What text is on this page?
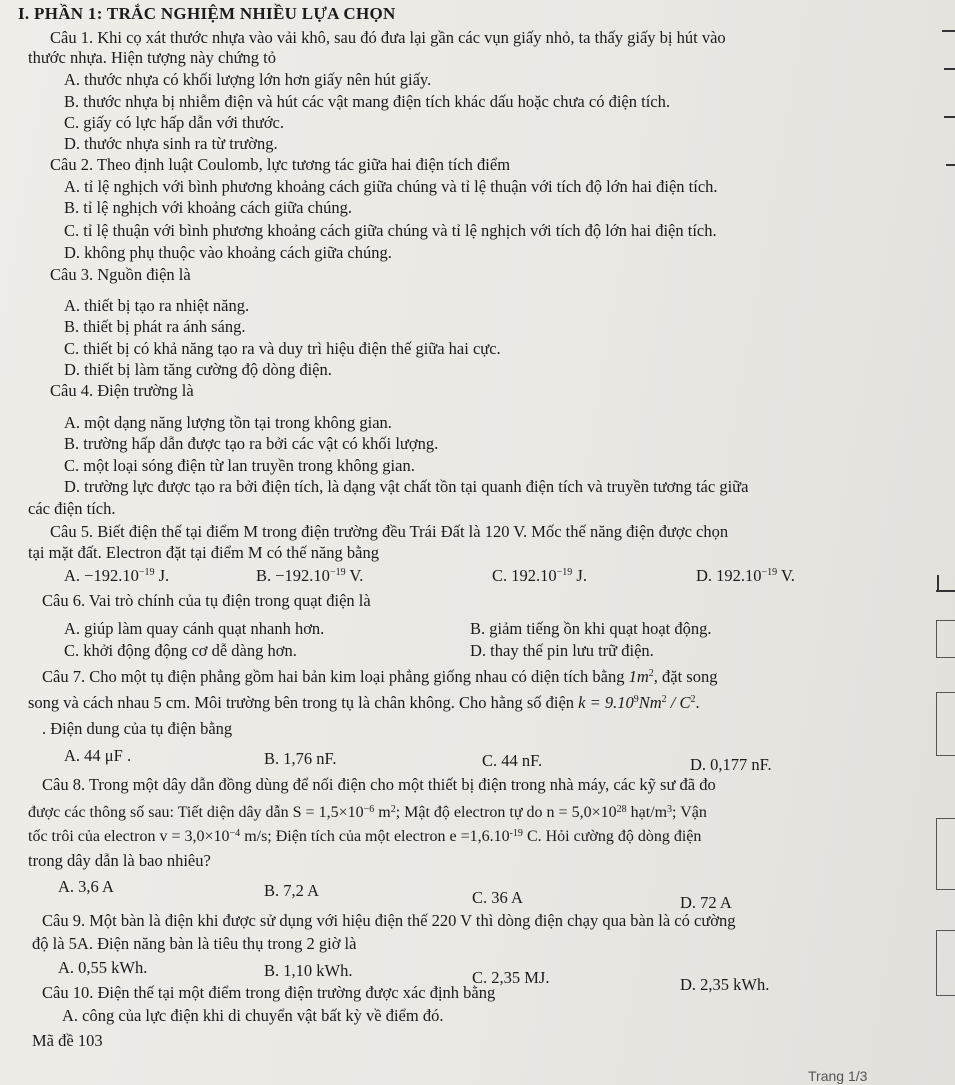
I. PHẦN 1: TRẮC NGHIỆM NHIỀU LỰA CHỌN
Câu 1. Khi cọ xát thước nhựa vào vải khô, sau đó đưa lại gần các vụn giấy nhỏ, ta thấy giấy bị hút vào
thước nhựa. Hiện tượng này chứng tỏ
A. thước nhựa có khối lượng lớn hơn giấy nên hút giấy.
B. thước nhựa bị nhiễm điện và hút các vật mang điện tích khác dấu hoặc chưa có điện tích.
C. giấy có lực hấp dẫn với thước.
D. thước nhựa sinh ra từ trường.
Câu 2. Theo định luật Coulomb, lực tương tác giữa hai điện tích điểm
A. tỉ lệ nghịch với bình phương khoảng cách giữa chúng và tỉ lệ thuận với tích độ lớn hai điện tích.
B. tỉ lệ nghịch với khoảng cách giữa chúng.
C. tỉ lệ thuận với bình phương khoảng cách giữa chúng và tỉ lệ nghịch với tích độ lớn hai điện tích.
D. không phụ thuộc vào khoảng cách giữa chúng.
Câu 3. Nguồn điện là
A. thiết bị tạo ra nhiệt năng.
B. thiết bị phát ra ánh sáng.
C. thiết bị có khả năng tạo ra và duy trì hiệu điện thế giữa hai cực.
D. thiết bị làm tăng cường độ dòng điện.
Câu 4. Điện trường là
A. một dạng năng lượng tồn tại trong không gian.
B. trường hấp dẫn được tạo ra bởi các vật có khối lượng.
C. một loại sóng điện từ lan truyền trong không gian.
D. trường lực được tạo ra bởi điện tích, là dạng vật chất tồn tại quanh điện tích và truyền tương tác giữa
các điện tích.
Câu 5. Biết điện thế tại điểm M trong điện trường đều Trái Đất là 120 V. Mốc thế năng điện được chọn
tại mặt đất. Electron đặt tại điểm M có thế năng bằng
A. $-192.10^{-19}$ J.	B. $-192.10^{-19}$ V.	C. $192.10^{-19}$ J.	D. $192.10^{-19}$ V.
Câu 6. Vai trò chính của tụ điện trong quạt điện là
A. giúp làm quay cánh quạt nhanh hơn.	B. giảm tiếng ồn khi quạt hoạt động.
C. khởi động động cơ dễ dàng hơn.	D. thay thế pin lưu trữ điện.
Câu 7. Cho một tụ điện phẳng gồm hai bản kim loại phẳng giống nhau có diện tích bằng $1m^2$, đặt song
song và cách nhau 5 cm. Môi trường bên trong tụ là chân không. Cho hằng số điện $k = 9.10^9Nm^2 / C^2$.
. Điện dung của tụ điện bằng
A. 44 μF .	B. 1,76 nF.	C. 44 nF.	D. 0,177 nF.
Câu 8. Trong một dây dẫn đồng dùng để nối điện cho một thiết bị điện trong nhà máy, các kỹ sư đã đo
được các thông số sau: Tiết diện dây dẫn $S = 1,5\times 10^{-6}$ $m^2$; Mật độ electron tự do $n = 5,0\times 10^{28}$ hạt/$m^3$; Vận
tốc trôi của electron $v = 3,0\times 10^{-4}$ m/s; Điện tích của một electron $e =1,6.10^{-19}$ C. Hỏi cường độ dòng điện
trong dây dẫn là bao nhiêu?
A. 3,6 A	B. 7,2 A	C. 36 A	D. 72 A
Câu 9. Một bàn là điện khi được sử dụng với hiệu điện thế 220 V thì dòng điện chạy qua bàn là có cường
độ là 5A. Điện năng bàn là tiêu thụ trong 2 giờ là
A. 0,55 kWh.	B. 1,10 kWh.	C. 2,35 MJ.	D. 2,35 kWh.
Câu 10. Điện thế tại một điểm trong điện trường được xác định bằng
A. công của lực điện khi di chuyển vật bất kỳ về điểm đó.
Mã đề 103
Trang 1/3
